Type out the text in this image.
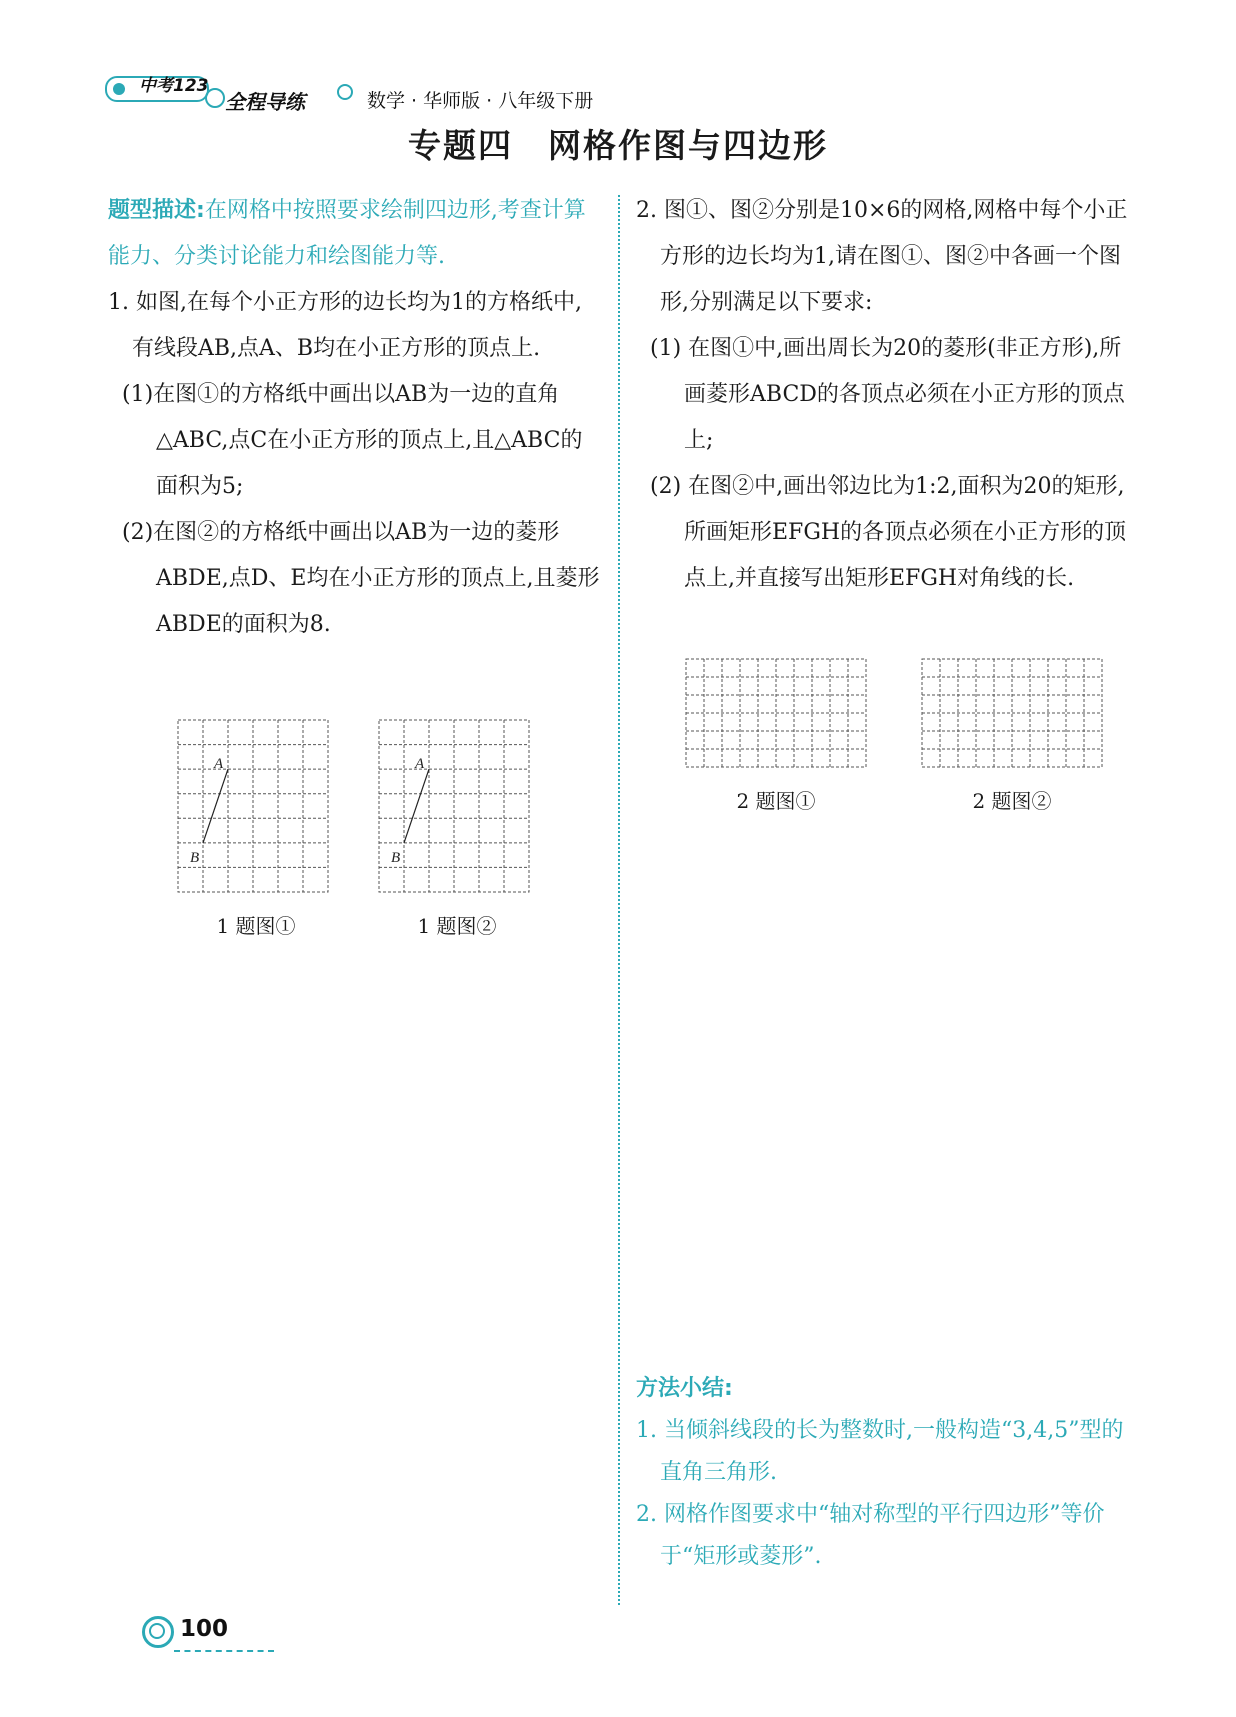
中考123
全程导练	数学 · 华师版 · 八年级下册
专题四　网格作图与四边形
题型描述:在网格中按照要求绘制四边形,考查计算能力、分类讨论能力和绘图能力等.
1. 如图,在每个小正方形的边长均为1的方格纸中,有线段AB,点A、B均在小正方形的顶点上.
(1)在图①的方格纸中画出以AB为一边的直角△ABC,点C在小正方形的顶点上,且△ABC的面积为5;
(2)在图②的方格纸中画出以AB为一边的菱形ABDE,点D、E均在小正方形的顶点上,且菱形ABDE的面积为8.
A
B
1 题图①
A
B
1 题图②
2. 图①、图②分别是10×6的网格,网格中每个小正方形的边长均为1,请在图①、图②中各画一个图形,分别满足以下要求:
(1) 在图①中,画出周长为20的菱形(非正方形),所画菱形ABCD的各顶点必须在小正方形的顶点上;
(2) 在图②中,画出邻边比为1:2,面积为20的矩形,所画矩形EFGH的各顶点必须在小正方形的顶点上,并直接写出矩形EFGH对角线的长.
2 题图①	2 题图②
方法小结:
1. 当倾斜线段的长为整数时,一般构造“3,4,5”型的直角三角形.
2. 网格作图要求中“轴对称型的平行四边形”等价于“矩形或菱形”.
100
